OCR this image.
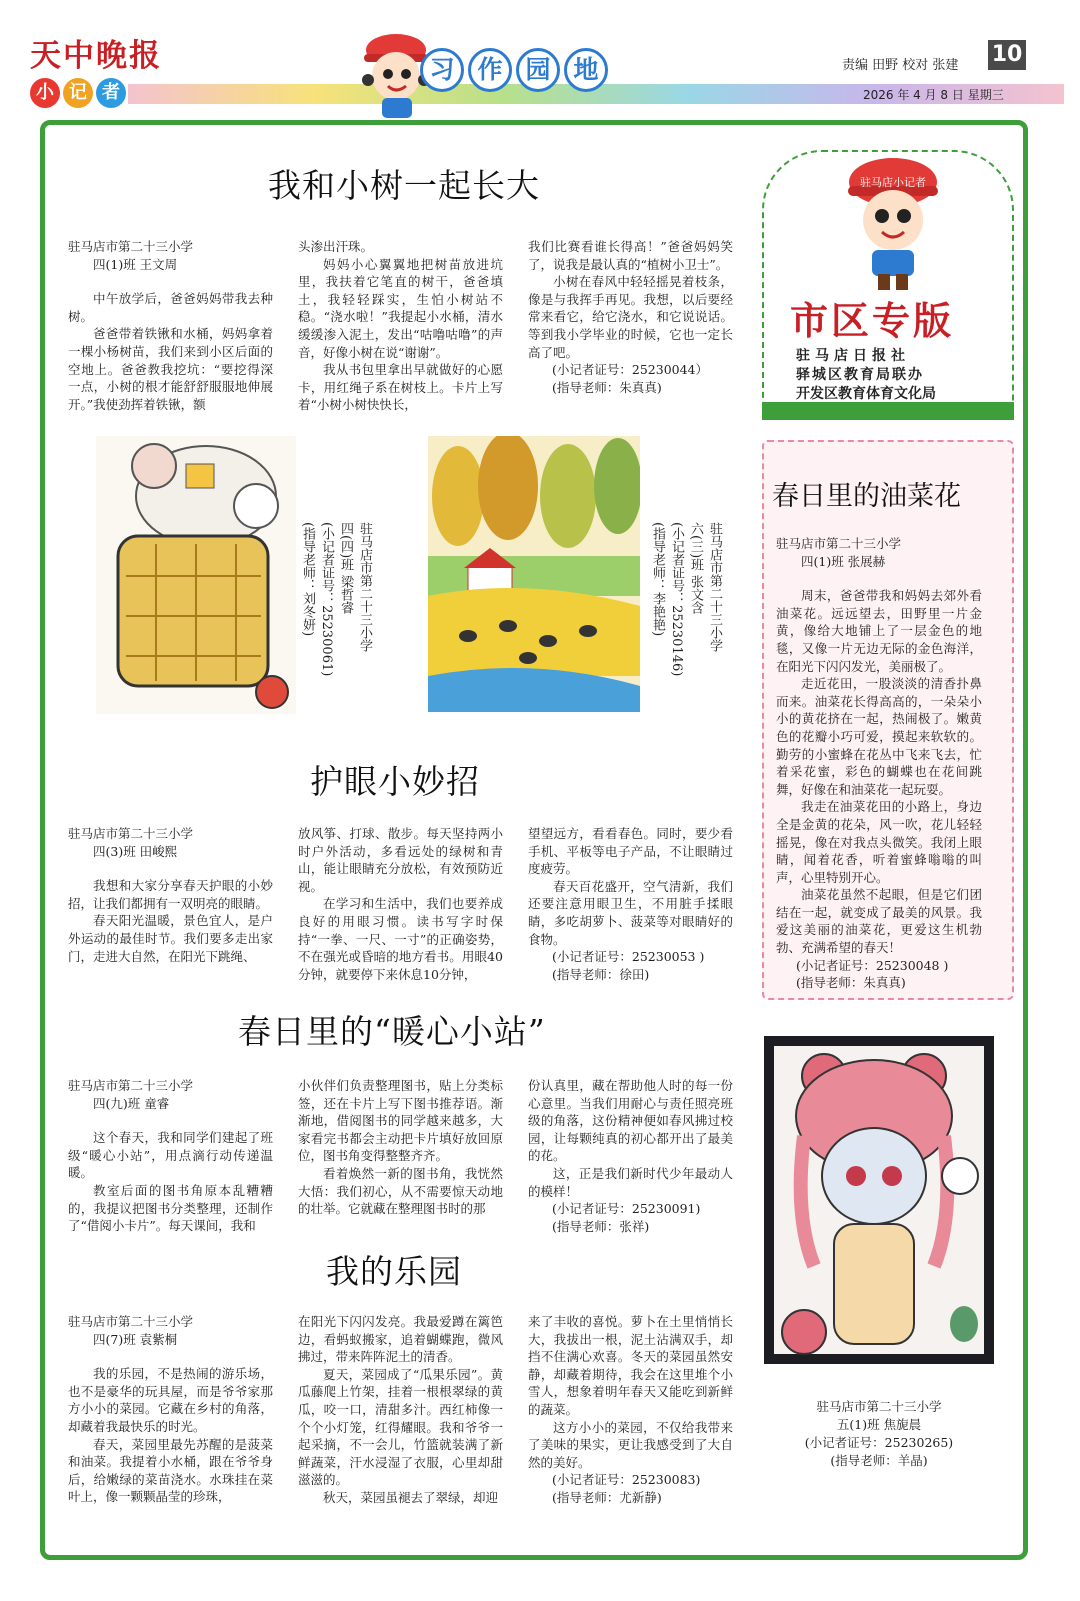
天中晚报
小 记 者
习 作 园 地	责编 田野 校对 张建
2026 年 4 月 8 日 星期三
10
我和小树一起长大

驻马店市第二十三小学

四(1)班 王文周

中午放学后，爸爸妈妈带我去种树。

爸爸带着铁锹和水桶，妈妈拿着一棵小杨树苗，我们来到小区后面的空地上。爸爸教我挖坑：“要挖得深一点，小树的根才能舒舒服服地伸展开。”我使劲挥着铁锹，额

头渗出汗珠。

妈妈小心翼翼地把树苗放进坑里，我扶着它笔直的树干，爸爸填土，我轻轻踩实，生怕小树站不稳。“浇水啦！”我提起小水桶，清水缓缓渗入泥土，发出“咕噜咕噜”的声音，好像小树在说“谢谢”。

我从书包里拿出早就做好的心愿卡，用红绳子系在树枝上。卡片上写着“小树小树快快长，

我们比赛看谁长得高！”爸爸妈妈笑了，说我是最认真的“植树小卫士”。

小树在春风中轻轻摇晃着枝条，像是与我挥手再见。我想，以后要经常来看它，给它浇水，和它说说话。等到我小学毕业的时候，它也一定长高了吧。

(小记者证号：25230044）

(指导老师：朱真真)

驻马店市第二十三小学
四(四)班 梁哲睿
(小记者证号：25230061)
(指导老师：刘冬妍)	驻马店市第二十三小学
六(三)班 张文含
(小记者证号：25230146)
(指导老师：李艳艳)
护眼小妙招

驻马店市第二十三小学

四(3)班 田峻熙

我想和大家分享春天护眼的小妙招，让我们都拥有一双明亮的眼睛。

春天阳光温暖，景色宜人，是户外运动的最佳时节。我们要多走出家门，走进大自然，在阳光下跳绳、

放风筝、打球、散步。每天坚持两小时户外活动，多看远处的绿树和青山，能让眼睛充分放松，有效预防近视。

在学习和生活中，我们也要养成良好的用眼习惯。读书写字时保持“一拳、一尺、一寸”的正确姿势，不在强光或昏暗的地方看书。用眼40分钟，就要停下来休息10分钟，

望望远方，看看春色。同时，要少看手机、平板等电子产品，不让眼睛过度疲劳。

春天百花盛开，空气清新，我们还要注意用眼卫生，不用脏手揉眼睛，多吃胡萝卜、菠菜等对眼睛好的食物。

(小记者证号：25230053 )

(指导老师：徐田)

春日里的“暖心小站”

驻马店市第二十三小学

四(九)班 童睿

这个春天，我和同学们建起了班级“暖心小站”，用点滴行动传递温暖。

教室后面的图书角原本乱糟糟的，我提议把图书分类整理，还制作了“借阅小卡片”。每天课间，我和

小伙伴们负责整理图书，贴上分类标签，还在卡片上写下图书推荐语。渐渐地，借阅图书的同学越来越多，大家看完书都会主动把卡片填好放回原位，图书角变得整整齐齐。

看着焕然一新的图书角，我恍然大悟：我们初心，从不需要惊天动地的壮举。它就藏在整理图书时的那

份认真里，藏在帮助他人时的每一份心意里。当我们用耐心与责任照亮班级的角落，这份精神便如春风拂过校园，让每颗纯真的初心都开出了最美的花。

这，正是我们新时代少年最动人的模样！

(小记者证号：25230091)

(指导老师：张祥)

我的乐园

驻马店市第二十三小学

四(7)班 袁紫桐

我的乐园，不是热闹的游乐场，也不是豪华的玩具屋，而是爷爷家那方小小的菜园。它藏在乡村的角落，却藏着我最快乐的时光。

春天，菜园里最先苏醒的是菠菜和油菜。我提着小水桶，跟在爷爷身后，给嫩绿的菜苗浇水。水珠挂在菜叶上，像一颗颗晶莹的珍珠，

在阳光下闪闪发亮。我最爱蹲在篱笆边，看蚂蚁搬家，追着蝴蝶跑，微风拂过，带来阵阵泥土的清香。

夏天，菜园成了“瓜果乐园”。黄瓜藤爬上竹架，挂着一根根翠绿的黄瓜，咬一口，清甜多汁。西红柿像一个个小灯笼，红得耀眼。我和爷爷一起采摘，不一会儿，竹篮就装满了新鲜蔬菜，汗水浸湿了衣服，心里却甜滋滋的。

秋天，菜园虽褪去了翠绿，却迎

来了丰收的喜悦。萝卜在土里悄悄长大，我拔出一根，泥土沾满双手，却挡不住满心欢喜。冬天的菜园虽然安静，却藏着期待，我会在这里堆个小雪人，想象着明年春天又能吃到新鲜的蔬菜。

这方小小的菜园，不仅给我带来了美味的果实，更让我感受到了大自然的美好。

(小记者证号：25230083)

(指导老师：尤新静)

驻马店小记者
市区专版
驻马店日报社
驿城区教育局联办
开发区教育体育文化局
春日里的油菜花

驻马店市第二十三小学

四(1)班 张展赫

周末，爸爸带我和妈妈去郊外看油菜花。远远望去，田野里一片金黄，像给大地铺上了一层金色的地毯，又像一片无边无际的金色海洋，在阳光下闪闪发光，美丽极了。

走近花田，一股淡淡的清香扑鼻而来。油菜花长得高高的，一朵朵小小的黄花挤在一起，热闹极了。嫩黄色的花瓣小巧可爱，摸起来软软的。勤劳的小蜜蜂在花丛中飞来飞去，忙着采花蜜，彩色的蝴蝶也在花间跳舞，好像在和油菜花一起玩耍。

我走在油菜花田的小路上，身边全是金黄的花朵，风一吹，花儿轻轻摇晃，像在对我点头微笑。我闭上眼睛，闻着花香，听着蜜蜂嗡嗡的叫声，心里特别开心。

油菜花虽然不起眼，但是它们团结在一起，就变成了最美的风景。我爱这美丽的油菜花，更爱这生机勃勃、充满希望的春天！

(小记者证号：25230048 )

(指导老师：朱真真)

驻马店市第二十三小学
五(1)班 焦旎晨
(小记者证号：25230265)
(指导老师：羊晶)
